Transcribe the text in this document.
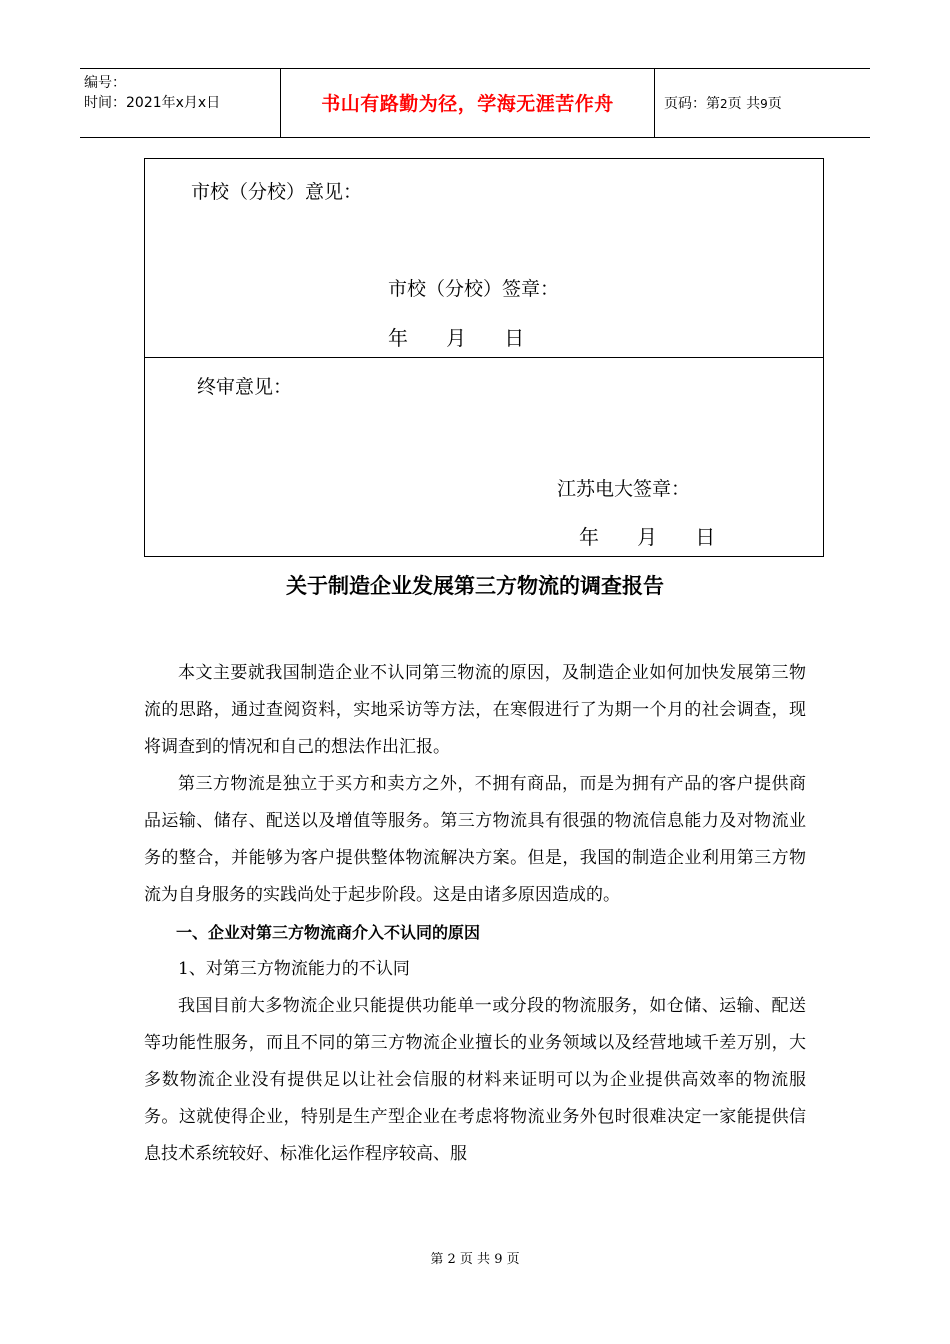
编号：
时间：2021年x月x日	书山有路勤为径，学海无涯苦作舟	页码：第2页 共9页
市校（分校）意见：
市校（分校）签章：
年      月      日
终审意见：
江苏电大签章：
年      月      日
关于制造企业发展第三方物流的调查报告

本文主要就我国制造企业不认同第三物流的原因，及制造企业如何加快发展第三物流的思路，通过查阅资料，实地采访等方法，在寒假进行了为期一个月的社会调查，现将调查到的情况和自己的想法作出汇报。

第三方物流是独立于买方和卖方之外，不拥有商品，而是为拥有产品的客户提供商品运输、储存、配送以及增值等服务。第三方物流具有很强的物流信息能力及对物流业务的整合，并能够为客户提供整体物流解决方案。但是，我国的制造企业利用第三方物流为自身服务的实践尚处于起步阶段。这是由诸多原因造成的。

一、企业对第三方物流商介入不认同的原因

1、对第三方物流能力的不认同

我国目前大多物流企业只能提供功能单一或分段的物流服务，如仓储、运输、配送等功能性服务，而且不同的第三方物流企业擅长的业务领域以及经营地域千差万别，大多数物流企业没有提供足以让社会信服的材料来证明可以为企业提供高效率的物流服务。这就使得企业，特别是生产型企业在考虑将物流业务外包时很难决定一家能提供信息技术系统较好、标准化运作程序较高、服

第 2 页 共 9 页
